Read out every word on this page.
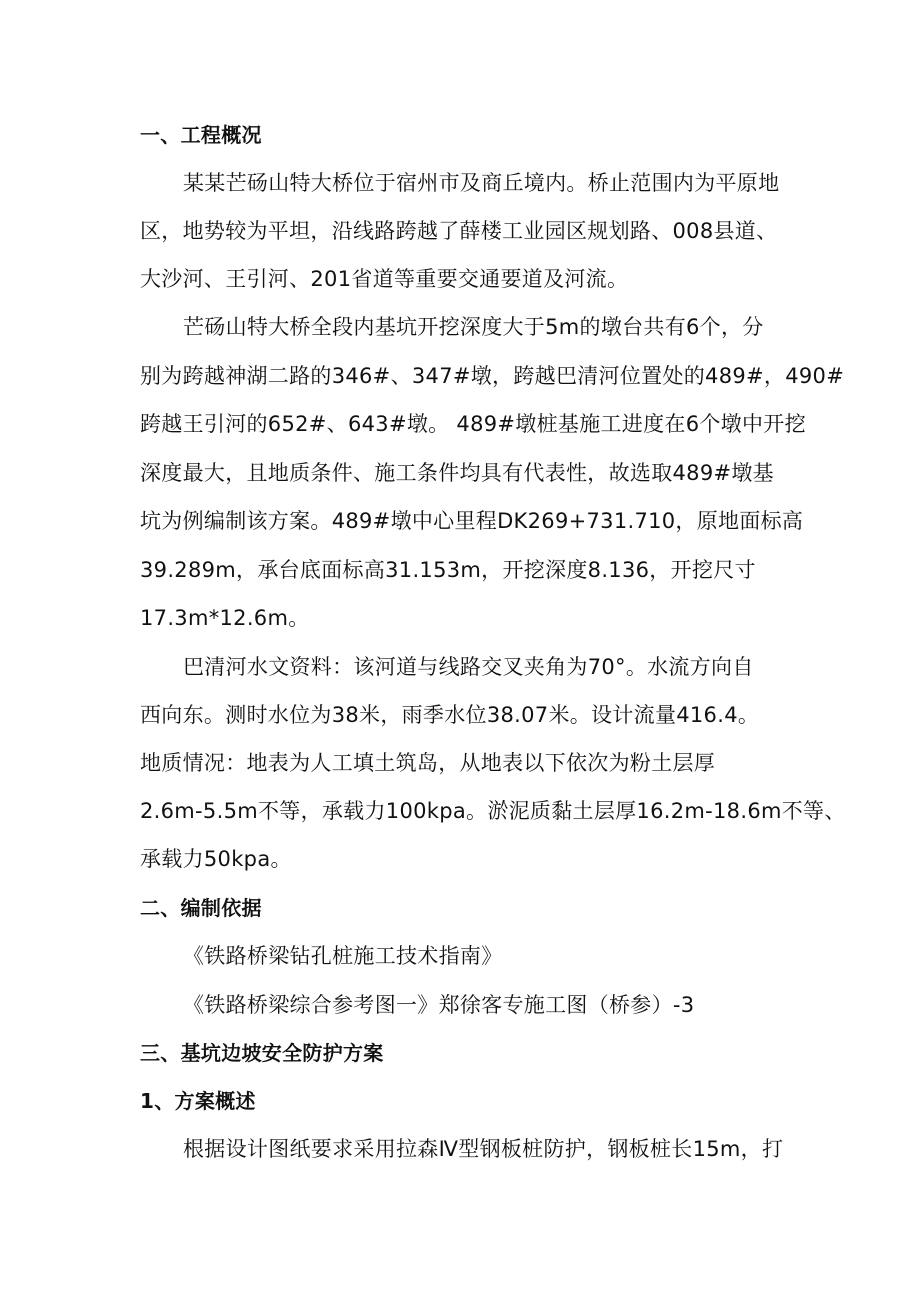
一、工程概况
某某芒砀山特大桥位于宿州市及商丘境内。桥止范围内为平原地
区，地势较为平坦，沿线路跨越了薛楼工业园区规划路、008县道、
大沙河、王引河、201省道等重要交通要道及河流。
芒砀山特大桥全段内基坑开挖深度大于5m的墩台共有6个，分
别为跨越神湖二路的346#、347#墩，跨越巴清河位置处的489#，490#
跨越王引河的652#、643#墩。 489#墩桩基施工进度在6个墩中开挖
深度最大，且地质条件、施工条件均具有代表性，故选取489#墩基
坑为例编制该方案。489#墩中心里程DK269+731.710，原地面标高
39.289m，承台底面标高31.153m，开挖深度8.136，开挖尺寸
17.3m*12.6m。
巴清河水文资料：该河道与线路交叉夹角为70°。水流方向自
西向东。测时水位为38米，雨季水位38.07米。设计流量416.4。
地质情况：地表为人工填土筑岛，从地表以下依次为粉土层厚
2.6m-5.5m不等，承载力100kpa。淤泥质黏土层厚16.2m-18.6m不等、
承载力50kpa。
二、编制依据
《铁路桥梁钻孔桩施工技术指南》
《铁路桥梁综合参考图一》郑徐客专施工图（桥参）-3
三、基坑边坡安全防护方案
1、方案概述
根据设计图纸要求采用拉森Ⅳ型钢板桩防护，钢板桩长15m，打
